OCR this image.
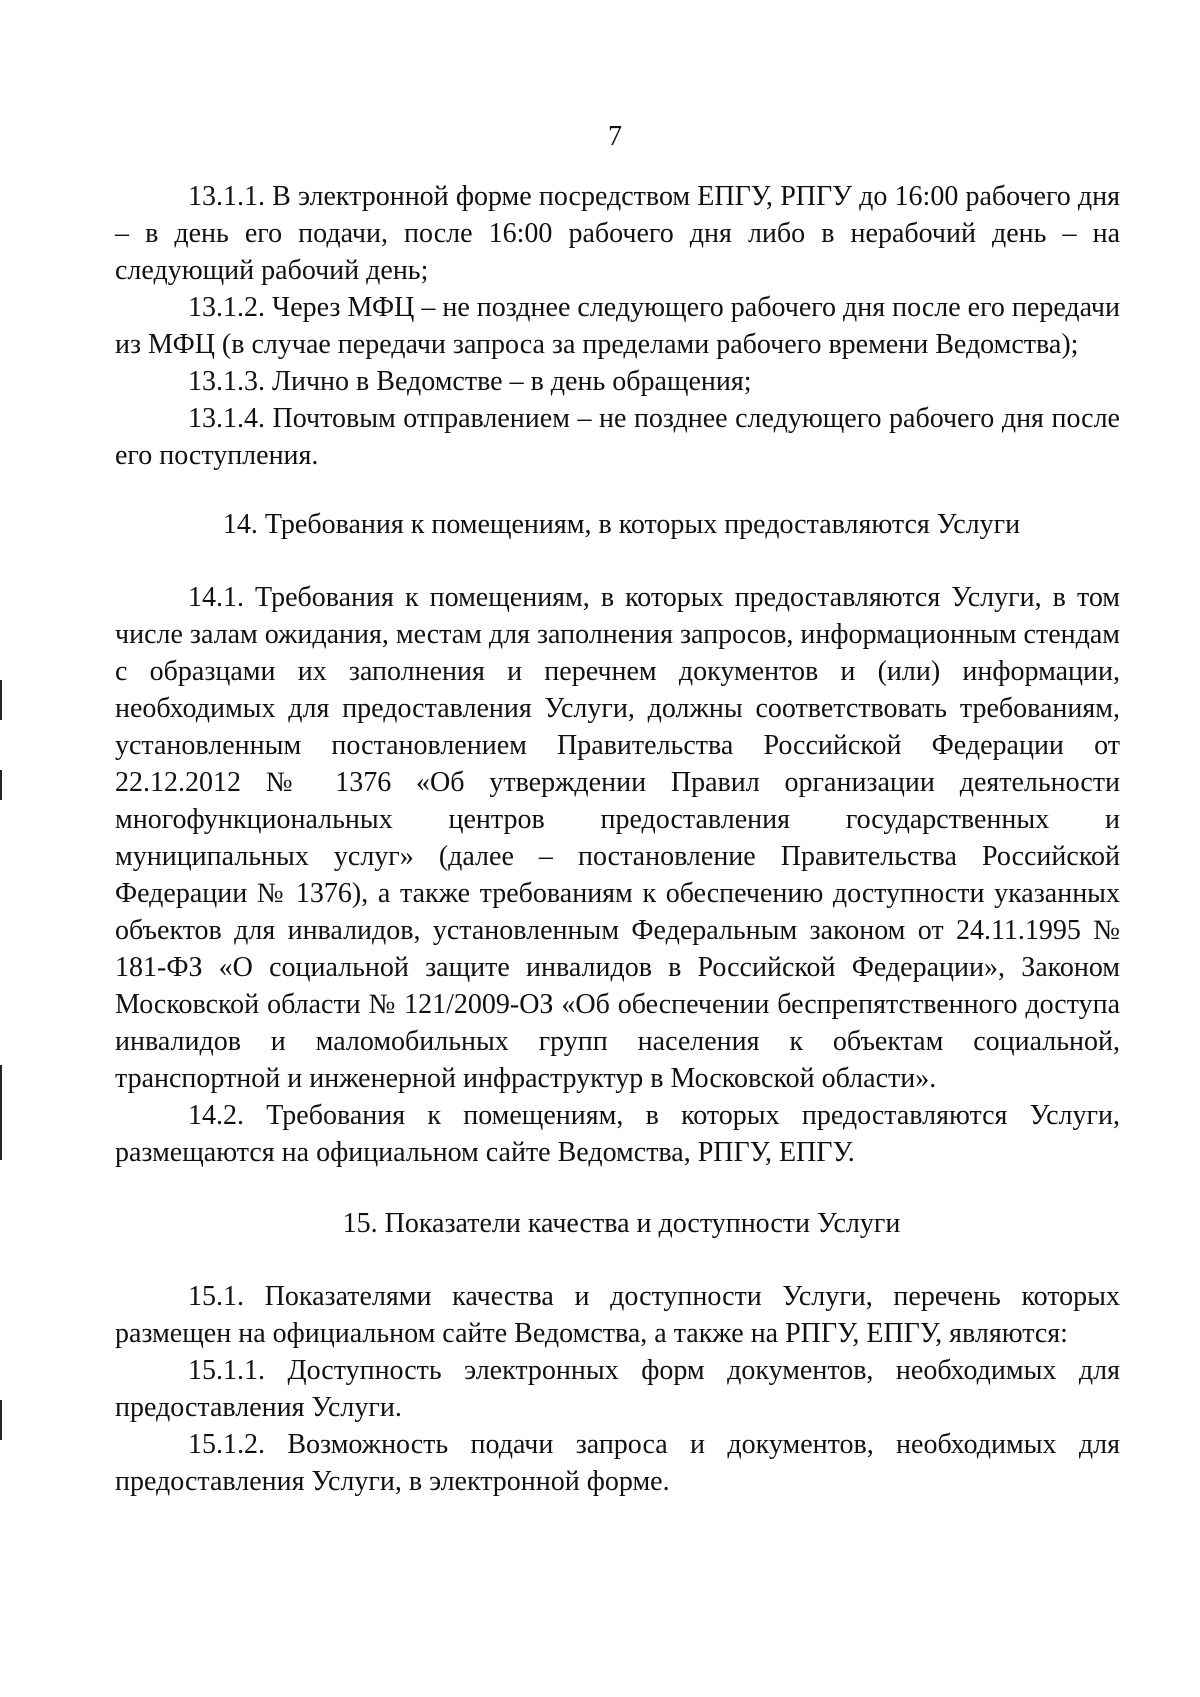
7

13.1.1. В электронной форме посредством ЕПГУ, РПГУ до 16:00 рабочего дня – в день его подачи, после 16:00 рабочего дня либо в нерабочий день – на следующий рабочий день;

13.1.2. Через МФЦ – не позднее следующего рабочего дня после его передачи из МФЦ (в случае передачи запроса за пределами рабочего времени Ведомства);

13.1.3. Лично в Ведомстве – в день обращения;

13.1.4. Почтовым отправлением – не позднее следующего рабочего дня после его поступления.

14. Требования к помещениям, в которых предоставляются Услуги

14.1. Требования к помещениям, в которых предоставляются Услуги, в том числе залам ожидания, местам для заполнения запросов, информационным стендам с образцами их заполнения и перечнем документов и (или) информации, необходимых для предоставления Услуги, должны соответствовать требованиям, установленным постановлением Правительства Российской Федерации от 22.12.2012 № 1376 «Об утверждении Правил организации деятельности многофункциональных центров предоставления государственных и муниципальных услуг» (далее – постановление Правительства Российской Федерации № 1376), а также требованиям к обеспечению доступности указанных объектов для инвалидов, установленным Федеральным законом от 24.11.1995 № 181-ФЗ «О социальной защите инвалидов в Российской Федерации», Законом Московской области № 121/2009-ОЗ «Об обеспечении беспрепятственного доступа инвалидов и маломобильных групп населения к объектам социальной, транспортной и инженерной инфраструктур в Московской области».

14.2. Требования к помещениям, в которых предоставляются Услуги, размещаются на официальном сайте Ведомства, РПГУ, ЕПГУ.

15. Показатели качества и доступности Услуги

15.1. Показателями качества и доступности Услуги, перечень которых размещен на официальном сайте Ведомства, а также на РПГУ, ЕПГУ, являются:

15.1.1. Доступность электронных форм документов, необходимых для предоставления Услуги.

15.1.2. Возможность подачи запроса и документов, необходимых для предоставления Услуги, в электронной форме.
